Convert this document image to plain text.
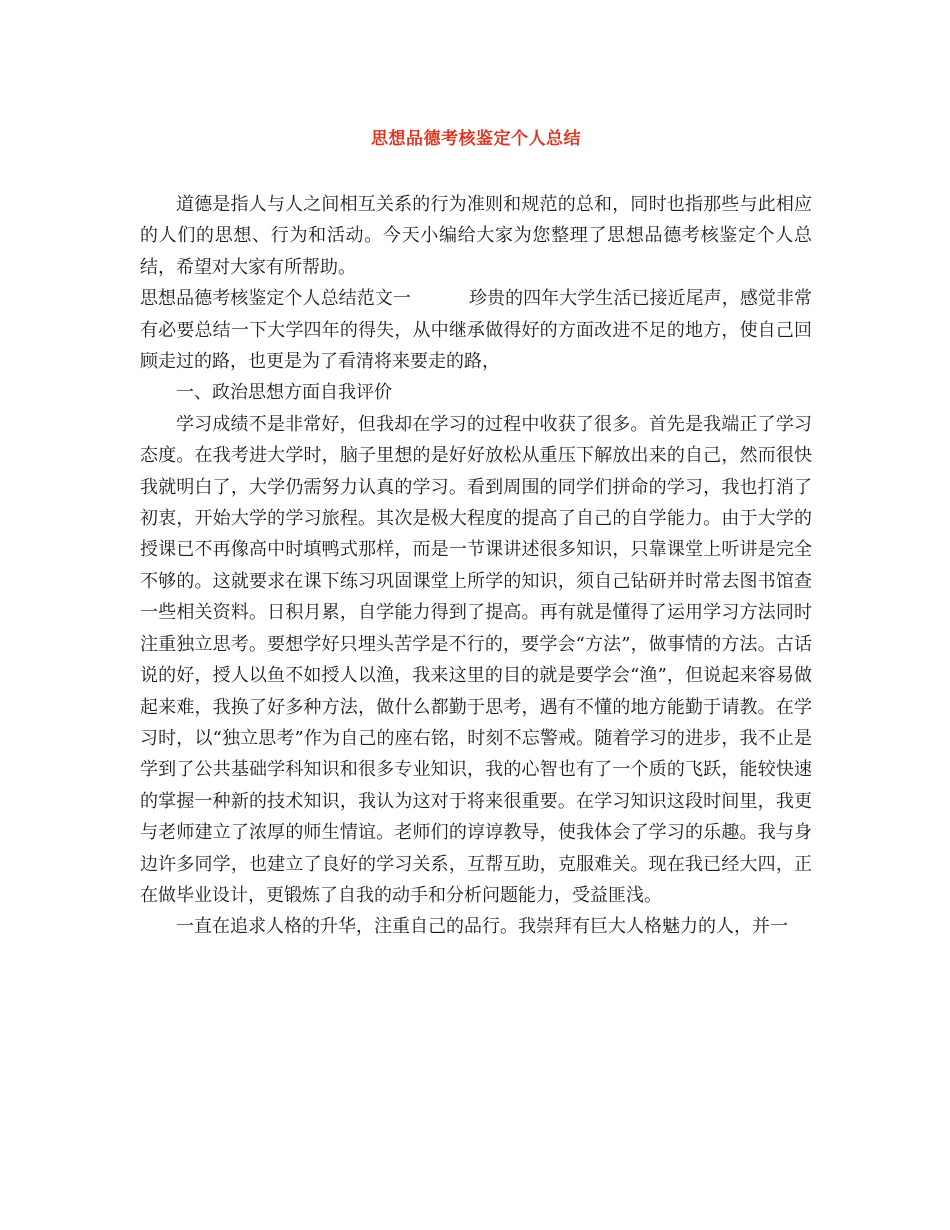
思想品德考核鉴定个人总结

道德是指人与人之间相互关系的行为准则和规范的总和，同时也指那些与此相应的人们的思想、行为和活动。今天小编给大家为您整理了思想品德考核鉴定个人总结，希望对大家有所帮助。

思想品德考核鉴定个人总结范文一	珍贵的四年大学生活已接近尾声，感觉非常有必要总结一下大学四年的得失，从中继承做得好的方面改进不足的地方，使自己回顾走过的路，也更是为了看清将来要走的路，

一、政治思想方面自我评价

学习成绩不是非常好，但我却在学习的过程中收获了很多。首先是我端正了学习态度。在我考进大学时，脑子里想的是好好放松从重压下解放出来的自己，然而很快我就明白了，大学仍需努力认真的学习。看到周围的同学们拼命的学习，我也打消了初衷，开始大学的学习旅程。其次是极大程度的提高了自己的自学能力。由于大学的授课已不再像高中时填鸭式那样，而是一节课讲述很多知识，只靠课堂上听讲是完全不够的。这就要求在课下练习巩固课堂上所学的知识，须自己钻研并时常去图书馆查一些相关资料。日积月累，自学能力得到了提高。再有就是懂得了运用学习方法同时注重独立思考。要想学好只埋头苦学是不行的，要学会“方法”，做事情的方法。古话说的好，授人以鱼不如授人以渔，我来这里的目的就是要学会“渔”，但说起来容易做起来难，我换了好多种方法，做什么都勤于思考，遇有不懂的地方能勤于请教。在学习时，以“独立思考”作为自己的座右铭，时刻不忘警戒。随着学习的进步，我不止是学到了公共基础学科知识和很多专业知识，我的心智也有了一个质的飞跃，能较快速的掌握一种新的技术知识，我认为这对于将来很重要。在学习知识这段时间里，我更与老师建立了浓厚的师生情谊。老师们的谆谆教导，使我体会了学习的乐趣。我与身边许多同学，也建立了良好的学习关系，互帮互助，克服难关。现在我已经大四，正在做毕业设计，更锻炼了自我的动手和分析问题能力，受益匪浅。

一直在追求人格的升华，注重自己的品行。我崇拜有巨大人格魅力的人，并一
